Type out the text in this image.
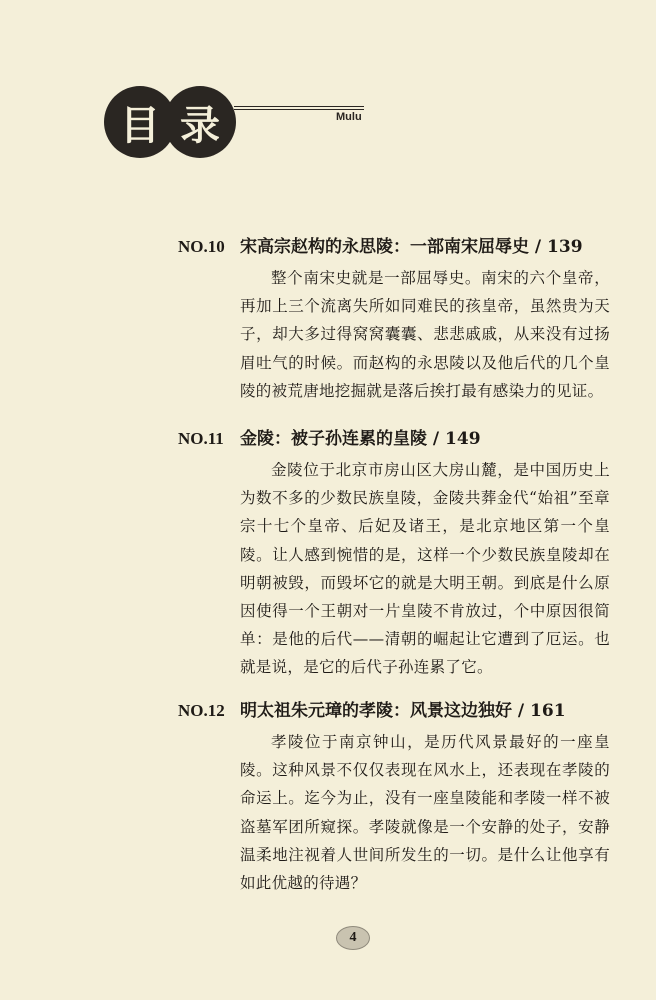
目 录	Mulu
NO.10 宋高宗赵构的永思陵：一部南宋屈辱史 / 139
整个南宋史就是一部屈辱史。南宋的六个皇帝，再加上三个流离失所如同难民的孩皇帝，虽然贵为天子，却大多过得窝窝囊囊、悲悲戚戚，从来没有过扬眉吐气的时候。而赵构的永思陵以及他后代的几个皇陵的被荒唐地挖掘就是落后挨打最有感染力的见证。
NO.11 金陵：被子孙连累的皇陵 / 149
金陵位于北京市房山区大房山麓，是中国历史上为数不多的少数民族皇陵，金陵共葬金代“始祖”至章宗十七个皇帝、后妃及诸王，是北京地区第一个皇陵。让人感到惋惜的是，这样一个少数民族皇陵却在明朝被毁，而毁坏它的就是大明王朝。到底是什么原因使得一个王朝对一片皇陵不肯放过，个中原因很简单：是他的后代——清朝的崛起让它遭到了厄运。也就是说，是它的后代子孙连累了它。
NO.12 明太祖朱元璋的孝陵：风景这边独好 / 161
孝陵位于南京钟山，是历代风景最好的一座皇陵。这种风景不仅仅表现在风水上，还表现在孝陵的命运上。迄今为止，没有一座皇陵能和孝陵一样不被盗墓军团所窥探。孝陵就像是一个安静的处子，安静温柔地注视着人世间所发生的一切。是什么让他享有如此优越的待遇？
4
